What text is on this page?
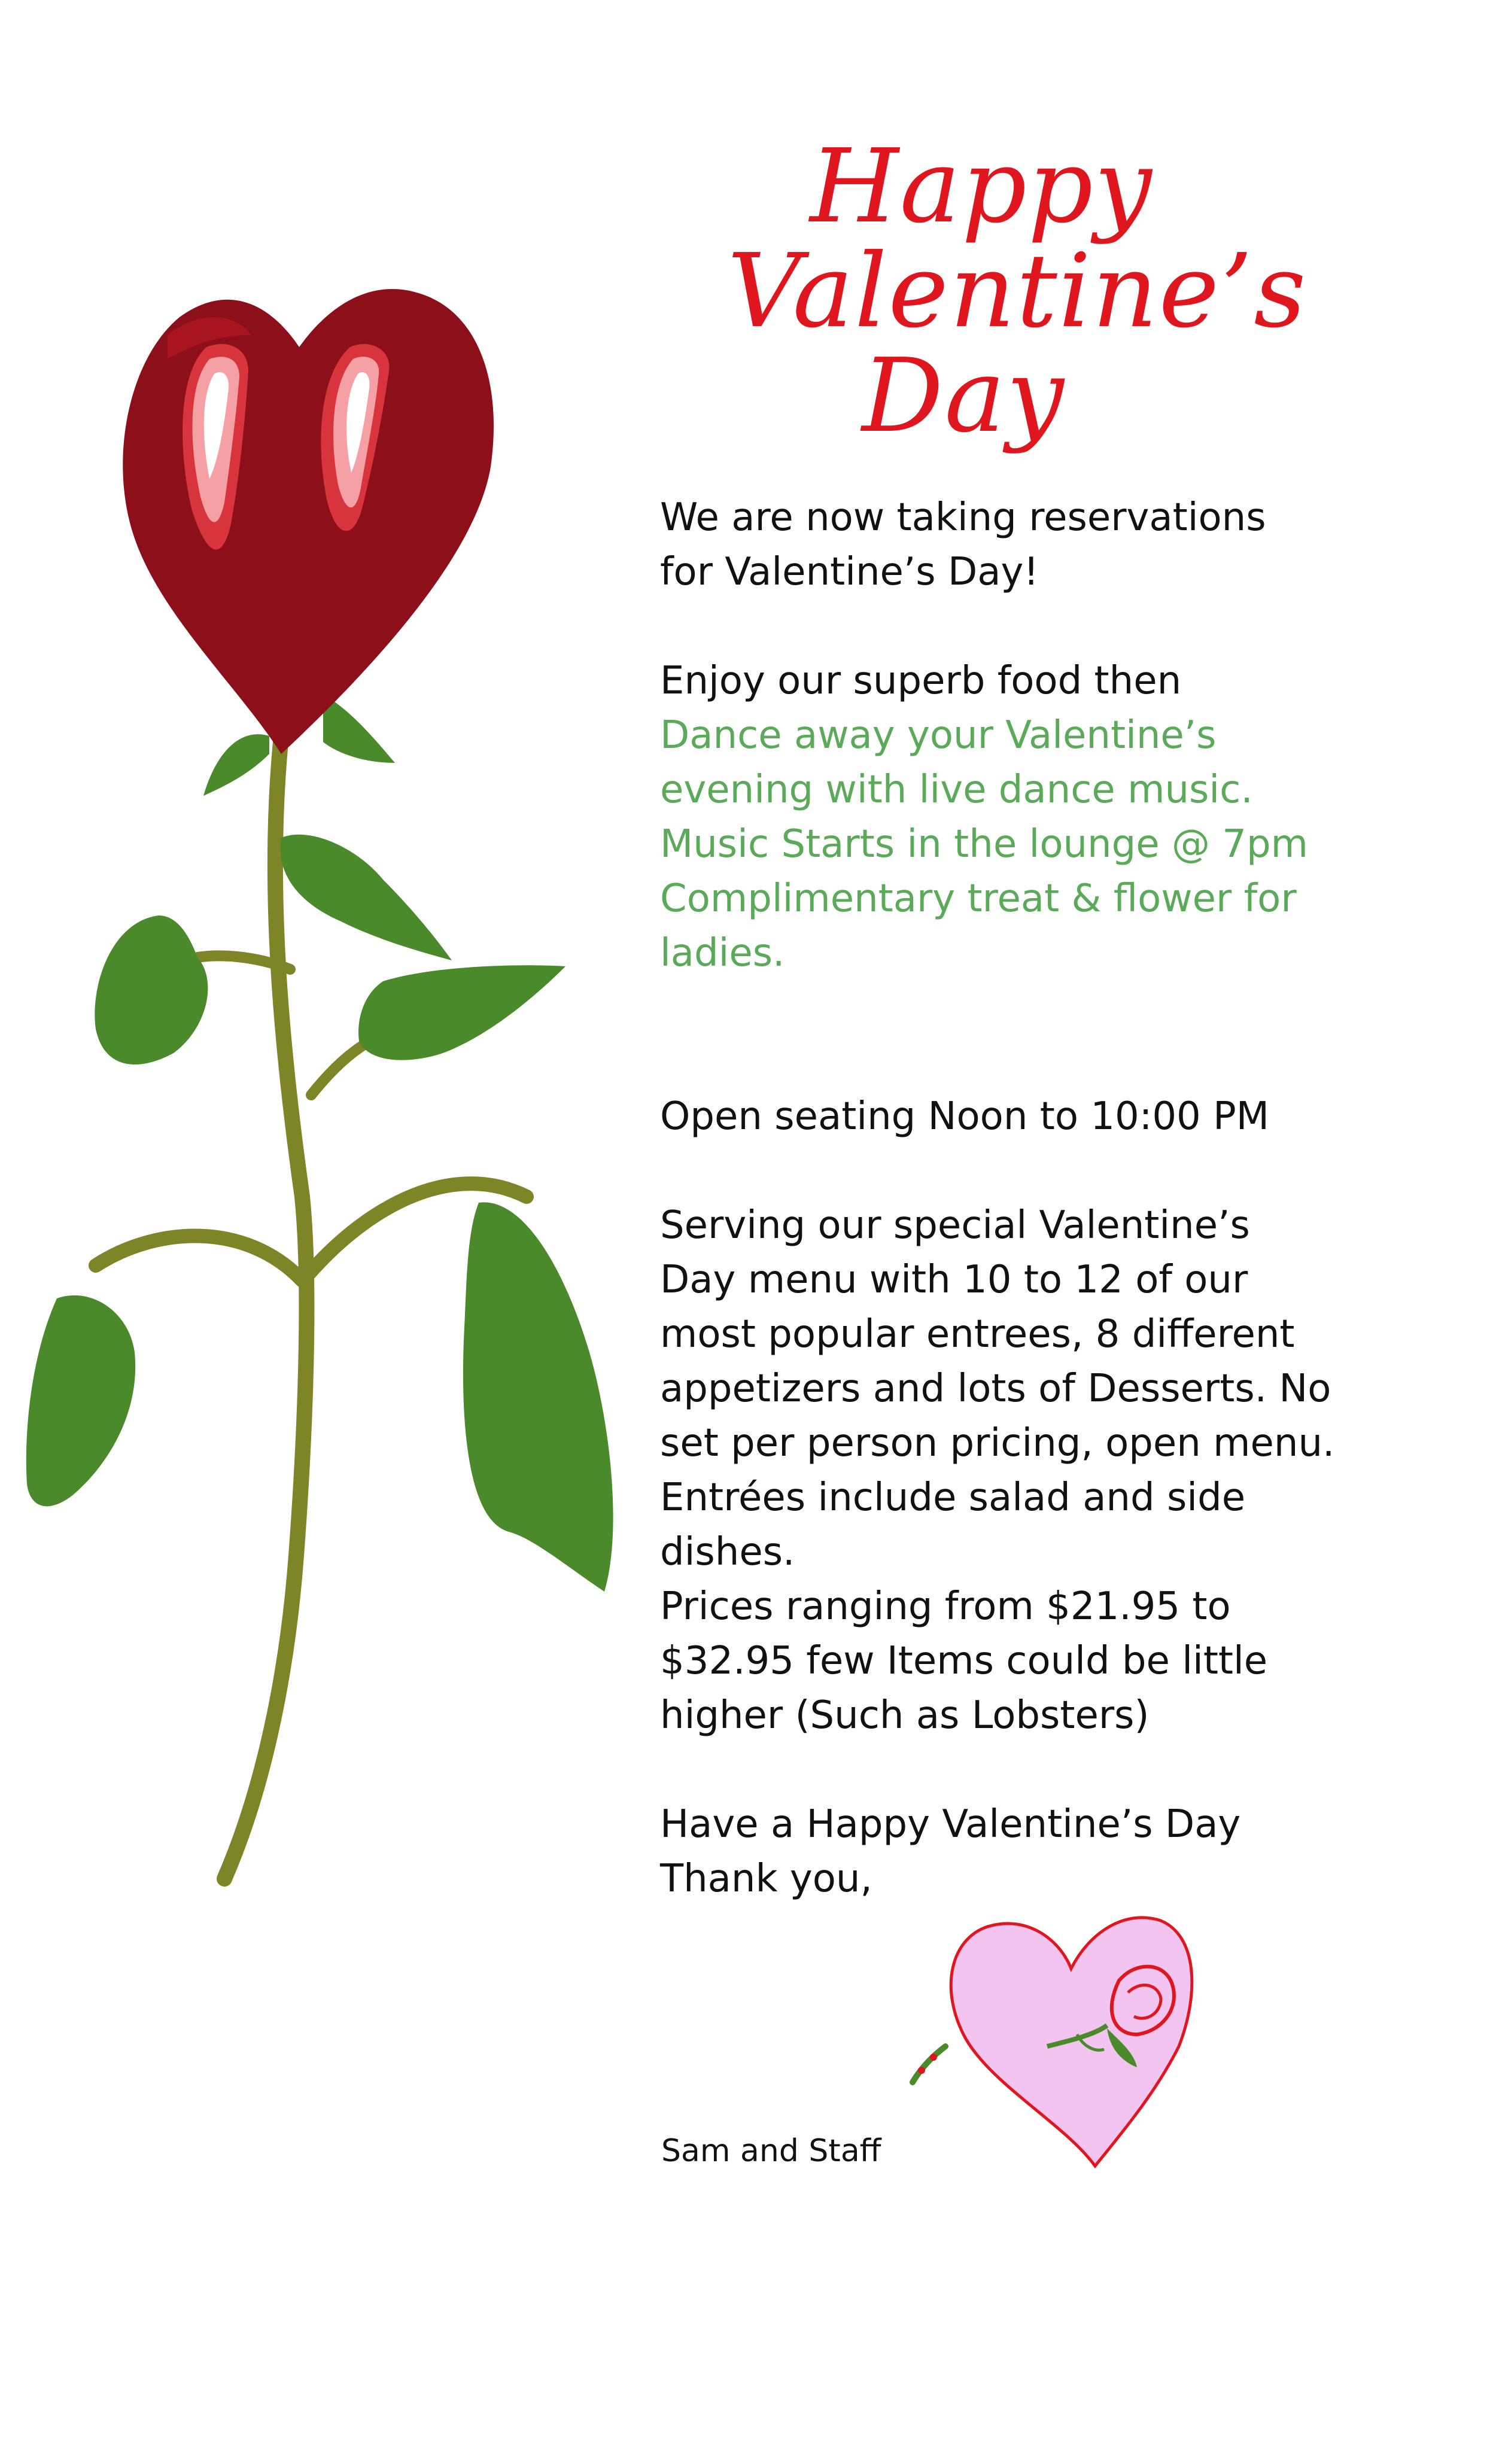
Happy
Valentine’s
Day

We are now taking reservations

for Valentine’s Day!

Enjoy our superb food then

Dance away your Valentine’s

evening with live dance music.

Music Starts in the lounge @ 7pm

Complimentary treat & flower for

ladies.

Open seating Noon to 10:00 PM

Serving our special Valentine’s

Day menu with 10 to 12 of our

most popular entrees, 8 different

appetizers and lots of Desserts. No

set per person pricing, open menu.

Entrées include salad and side

dishes.

Prices ranging from $21.95 to

$32.95 few Items could be little

higher (Such as Lobsters)

Have a Happy Valentine’s Day

Thank you,

Sam and Staff
